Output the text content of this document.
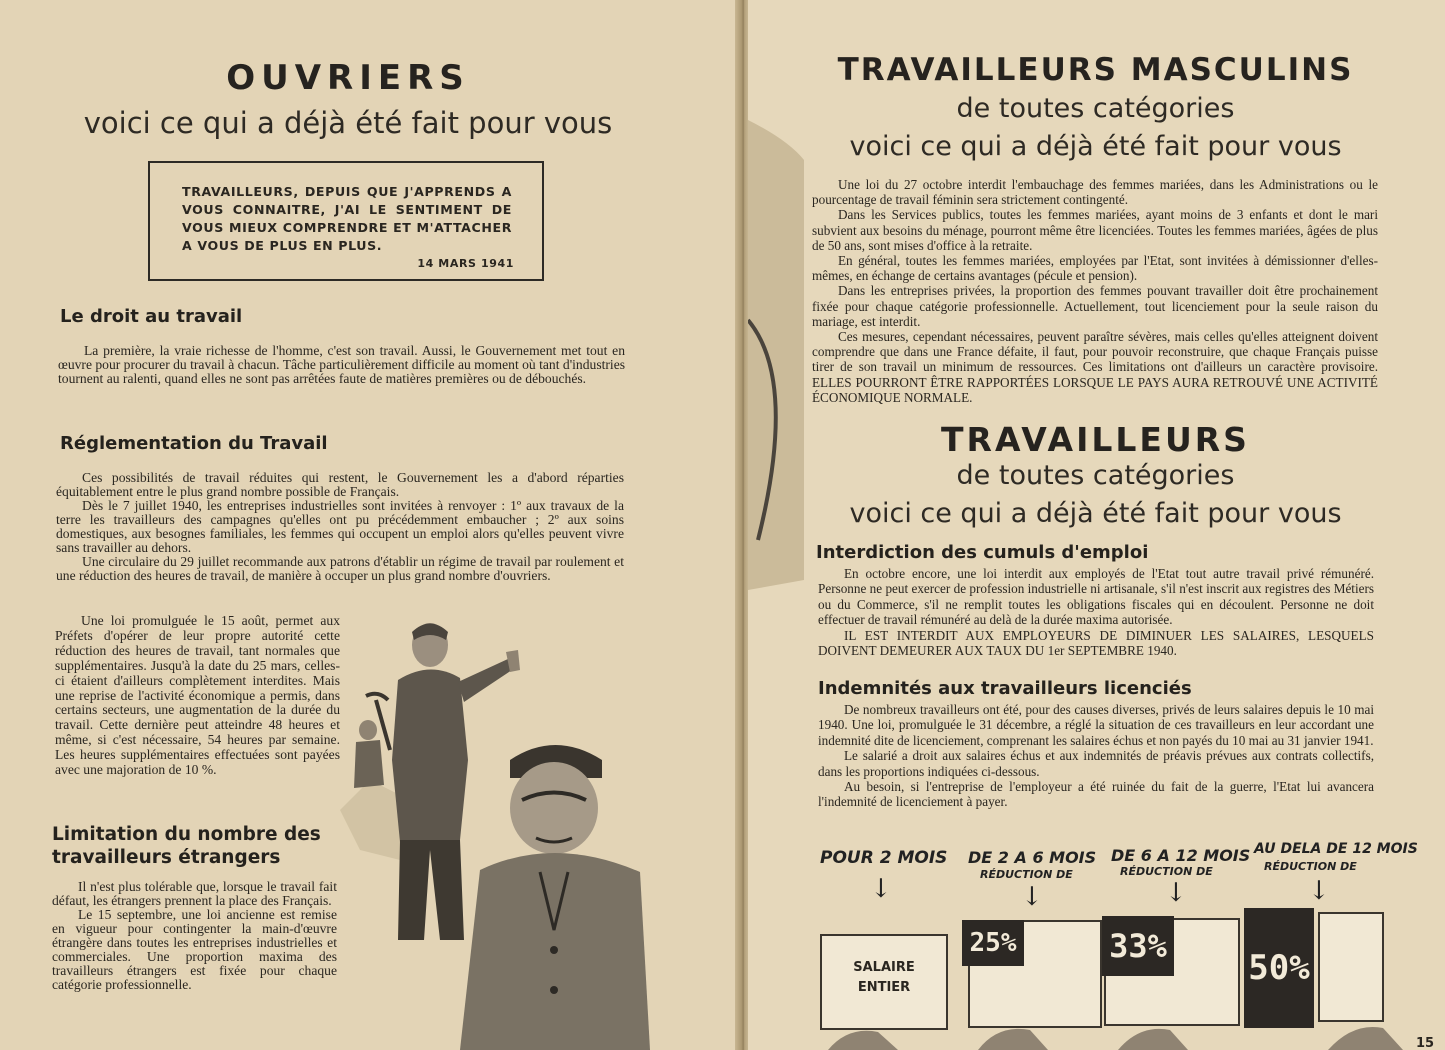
OUVRIERS
voici ce qui a déjà été fait pour vous
TRAVAILLEURS, DEPUIS QUE J'APPRENDS A VOUS CONNAITRE, J'AI LE SENTIMENT DE VOUS MIEUX COMPRENDRE ET M'ATTACHER A VOUS DE PLUS EN PLUS.
14 MARS 1941
Le droit au travail

La première, la vraie richesse de l'homme, c'est son travail. Aussi, le Gouvernement met tout en œuvre pour procurer du travail à chacun. Tâche particulièrement difficile au moment où tant d'industries tournent au ralenti, quand elles ne sont pas arrêtées faute de matières premières ou de débouchés.

Réglementation du Travail

Ces possibilités de travail réduites qui restent, le Gouvernement les a d'abord réparties équitablement entre le plus grand nombre possible de Français.

Dès le 7 juillet 1940, les entreprises industrielles sont invitées à renvoyer : 1º aux travaux de la terre les travailleurs des campagnes qu'elles ont pu précédemment embaucher ; 2º aux soins domestiques, aux besognes familiales, les femmes qui occupent un emploi alors qu'elles peuvent vivre sans travailler au dehors.

Une circulaire du 29 juillet recommande aux patrons d'établir un régime de travail par roulement et une réduction des heures de travail, de manière à occuper un plus grand nombre d'ouvriers.

Une loi promulguée le 15 août, permet aux Préfets d'opérer de leur propre autorité cette réduction des heures de travail, tant normales que supplémentaires. Jusqu'à la date du 25 mars, celles-ci étaient d'ailleurs complètement interdites. Mais une reprise de l'activité économique a permis, dans certains secteurs, une augmentation de la durée du travail. Cette dernière peut atteindre 48 heures et même, si c'est nécessaire, 54 heures par semaine. Les heures supplémentaires effectuées sont payées avec une majoration de 10 %.

Limitation du nombre des
travailleurs étrangers

Il n'est plus tolérable que, lorsque le travail fait défaut, les étrangers prennent la place des Français.

Le 15 septembre, une loi ancienne est remise en vigueur pour contingenter la main-d'œuvre étrangère dans toutes les entreprises industrielles et commerciales. Une proportion maxima des travailleurs étrangers est fixée pour chaque catégorie professionnelle.

TRAVAILLEURS MASCULINS
de toutes catégories
voici ce qui a déjà été fait pour vous

Une loi du 27 octobre interdit l'embauchage des femmes mariées, dans les Administrations ou le pourcentage de travail féminin sera strictement contingenté.

Dans les Services publics, toutes les femmes mariées, ayant moins de 3 enfants et dont le mari subvient aux besoins du ménage, pourront même être licenciées. Toutes les femmes mariées, âgées de plus de 50 ans, sont mises d'office à la retraite.

En général, toutes les femmes mariées, employées par l'Etat, sont invitées à démissionner d'elles-mêmes, en échange de certains avantages (pécule et pension).

Dans les entreprises privées, la proportion des femmes pouvant travailler doit être prochainement fixée pour chaque catégorie professionnelle. Actuellement, tout licenciement pour la seule raison du mariage, est interdit.

Ces mesures, cependant nécessaires, peuvent paraître sévères, mais celles qu'elles atteignent doivent comprendre que dans une France défaite, il faut, pour pouvoir reconstruire, que chaque Français puisse tirer de son travail un minimum de ressources. Ces limitations ont d'ailleurs un caractère provisoire. ELLES POURRONT ÊTRE RAPPORTÉES LORSQUE LE PAYS AURA RETROUVÉ UNE ACTIVITÉ ÉCONOMIQUE NORMALE.

TRAVAILLEURS
de toutes catégories
voici ce qui a déjà été fait pour vous
Interdiction des cumuls d'emploi

En octobre encore, une loi interdit aux employés de l'Etat tout autre travail privé rémunéré. Personne ne peut exercer de profession industrielle ni artisanale, s'il n'est inscrit aux registres des Métiers ou du Commerce, s'il ne remplit toutes les obligations fiscales qui en découlent. Personne ne doit effectuer de travail rémunéré au delà de la durée maxima autorisée.

IL EST INTERDIT AUX EMPLOYEURS DE DIMINUER LES SALAIRES, LESQUELS DOIVENT DEMEURER AUX TAUX DU 1er SEPTEMBRE 1940.

Indemnités aux travailleurs licenciés

De nombreux travailleurs ont été, pour des causes diverses, privés de leurs salaires depuis le 10 mai 1940. Une loi, promulguée le 31 décembre, a réglé la situation de ces travailleurs en leur accordant une indemnité dite de licenciement, comprenant les salaires échus et non payés du 10 mai au 31 janvier 1941.

Le salarié a droit aux salaires échus et aux indemnités de préavis prévues aux contrats collectifs, dans les proportions indiquées ci-dessous.

Au besoin, si l'entreprise de l'employeur a été ruinée du fait de la guerre, l'Etat lui avancera l'indemnité de licenciement à payer.

POUR 2 MOIS DE 2 A 6 MOIS
RÉDUCTION DE
DE 6 A 12 MOIS
RÉDUCTION DE
AU DELA DE 12 MOIS
RÉDUCTION DE
↓	↓	↓	↓
SALAIRE ENTIER
25%	33%
50%
15
